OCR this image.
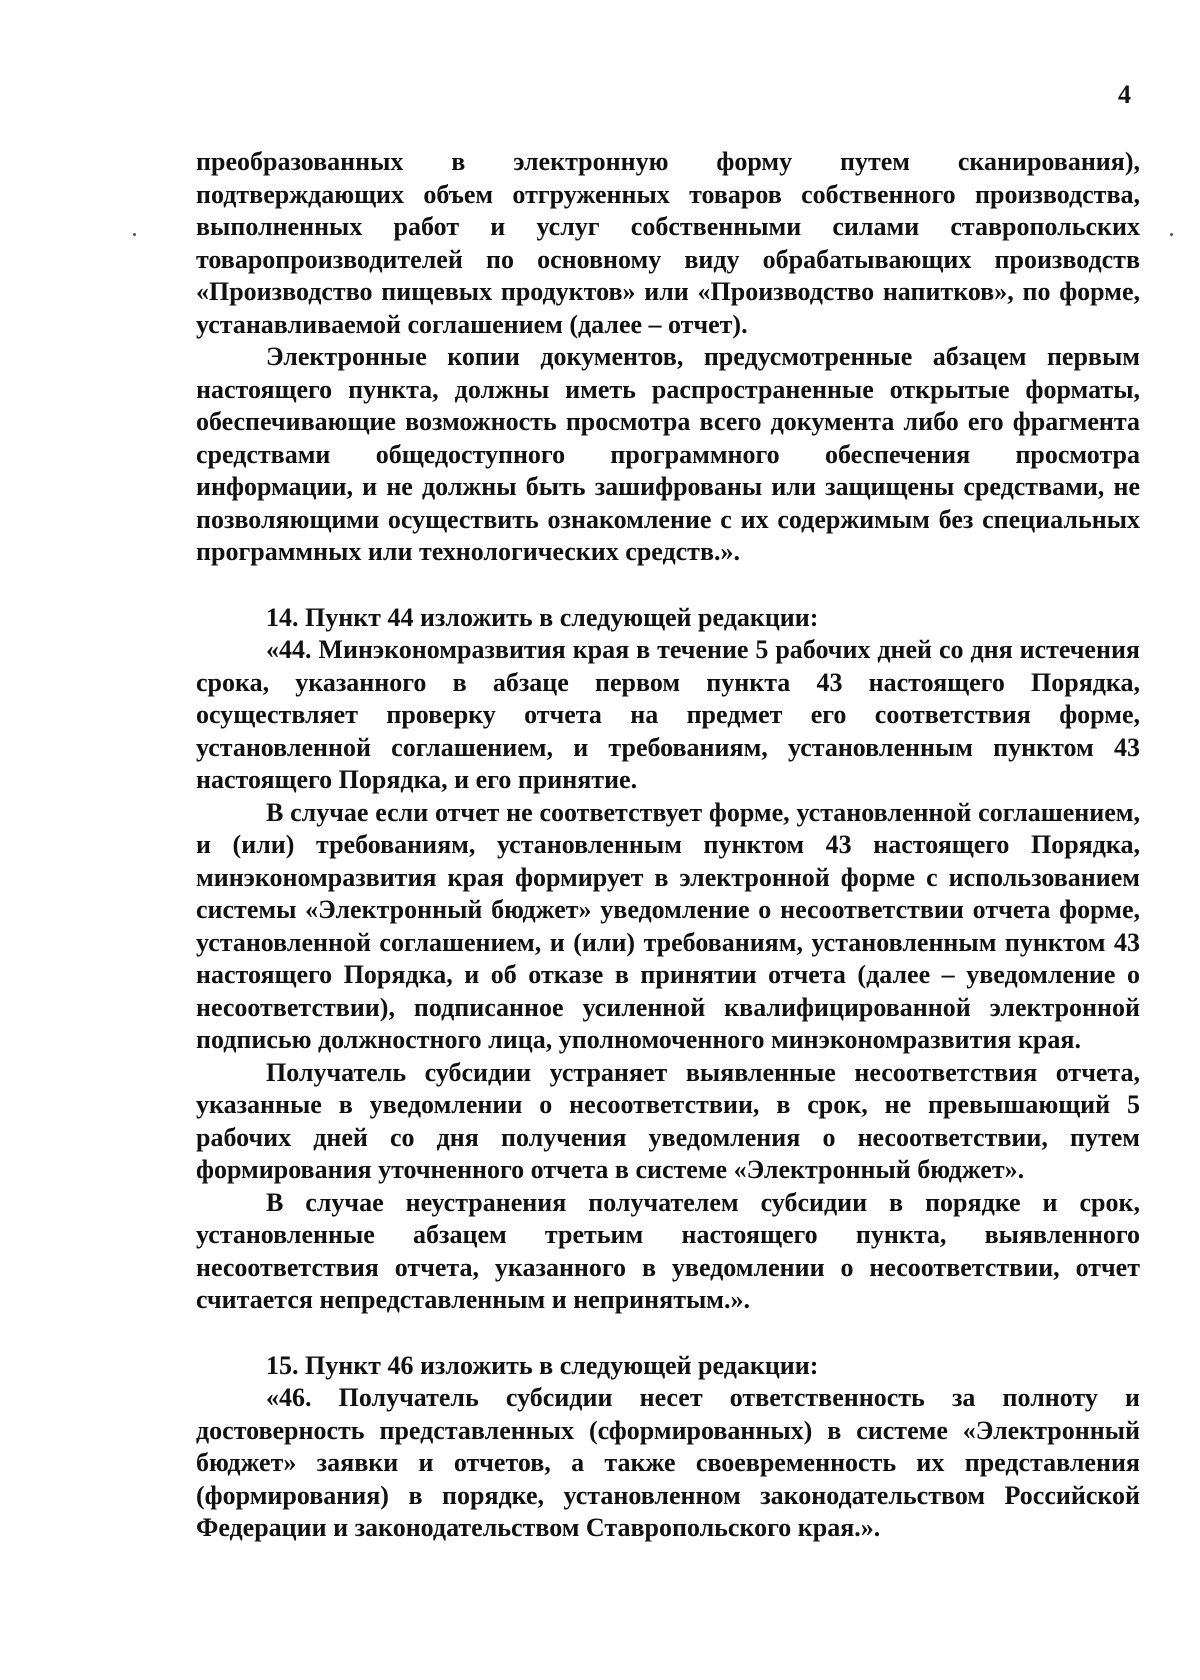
4

преобразованных в электронную форму путем сканирования), подтверждающих объем отгруженных товаров собственного производства, выполненных работ и услуг собственными силами ставропольских товаропроизводителей по основному виду обрабатывающих производств «Производство пищевых продуктов» или «Производство напитков», по форме, устанавливаемой соглашением (далее – отчет).

Электронные копии документов, предусмотренные абзацем первым настоящего пункта, должны иметь распространенные открытые форматы, обеспечивающие возможность просмотра всего документа либо его фрагмента средствами общедоступного программного обеспечения просмотра информации, и не должны быть зашифрованы или защищены средствами, не позволяющими осуществить ознакомление с их содержимым без специальных программных или технологических средств.».

14. Пункт 44 изложить в следующей редакции:

«44. Минэкономразвития края в течение 5 рабочих дней со дня истечения срока, указанного в абзаце первом пункта 43 настоящего Порядка, осуществляет проверку отчета на предмет его соответствия форме, установленной соглашением, и требованиям, установленным пунктом 43 настоящего Порядка, и его принятие.

В случае если отчет не соответствует форме, установленной соглашением, и (или) требованиям, установленным пунктом 43 настоящего Порядка, минэкономразвития края формирует в электронной форме с использованием системы «Электронный бюджет» уведомление о несоответствии отчета форме, установленной соглашением, и (или) требованиям, установленным пунктом 43 настоящего Порядка, и об отказе в принятии отчета (далее – уведомление о несоответствии), подписанное усиленной квалифицированной электронной подписью должностного лица, уполномоченного минэкономразвития края.

Получатель субсидии устраняет выявленные несоответствия отчета, указанные в уведомлении о несоответствии, в срок, не превышающий 5 рабочих дней со дня получения уведомления о несоответствии, путем формирования уточненного отчета в системе «Электронный бюджет».

В случае неустранения получателем субсидии в порядке и срок, установленные абзацем третьим настоящего пункта, выявленного несоответствия отчета, указанного в уведомлении о несоответствии, отчет считается непредставленным и непринятым.».

15. Пункт 46 изложить в следующей редакции:

«46. Получатель субсидии несет ответственность за полноту и достоверность представленных (сформированных) в системе «Электронный бюджет» заявки и отчетов, а также своевременность их представления (формирования) в порядке, установленном законодательством Российской Федерации и законодательством Ставропольского края.».
